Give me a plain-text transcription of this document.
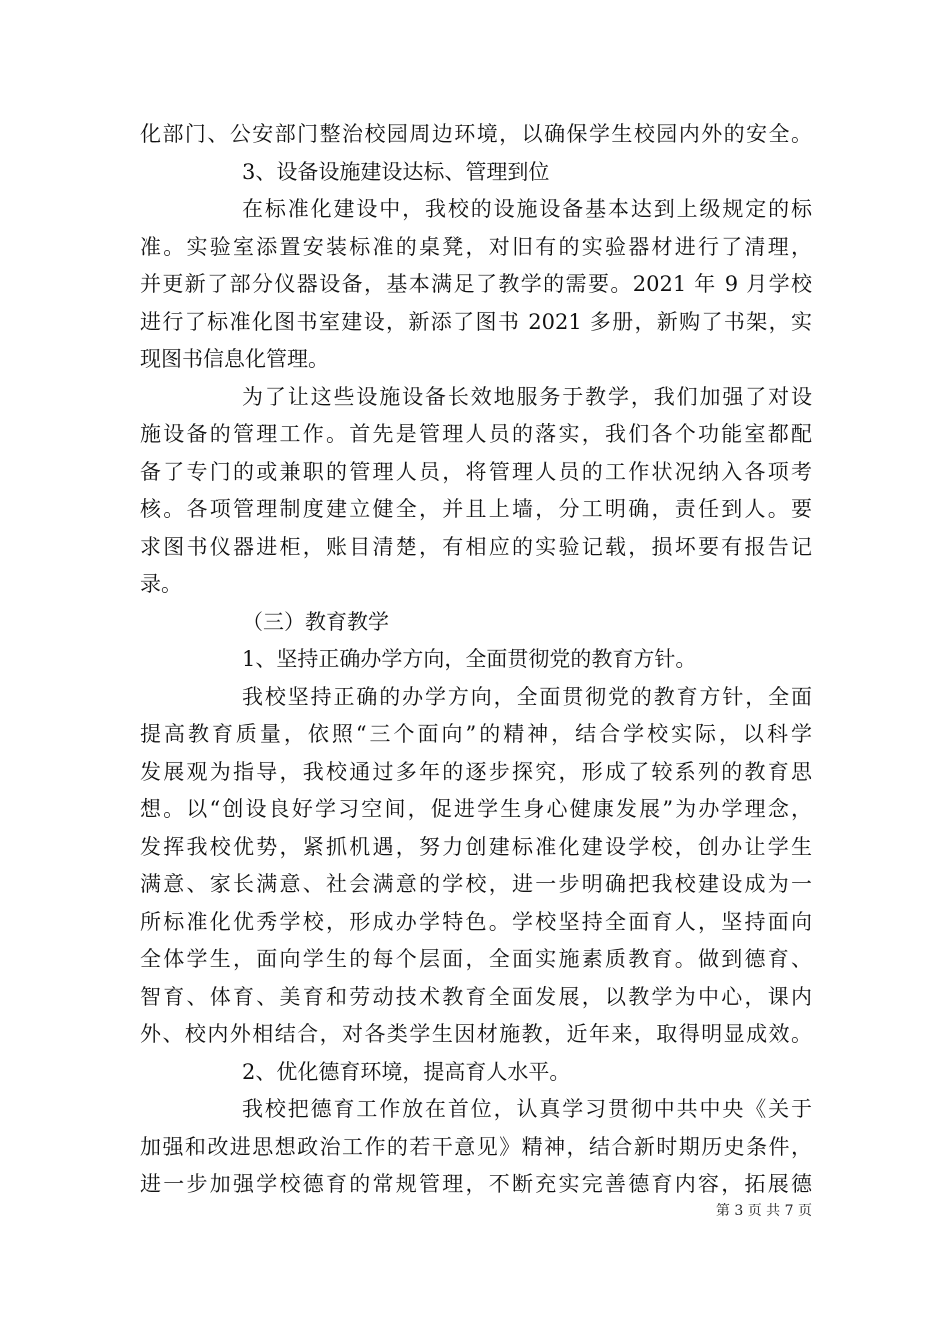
化部门、公安部门整治校园周边环境，以确保学生校园内外的安全。
3、设备设施建设达标、管理到位
在标准化建设中，我校的设施设备基本达到上级规定的标
准。实验室添置安装标准的桌凳，对旧有的实验器材进行了清理，
并更新了部分仪器设备，基本满足了教学的需要。2021 年 9 月学校
进行了标准化图书室建设，新添了图书 2021 多册，新购了书架，实
现图书信息化管理。
为了让这些设施设备长效地服务于教学，我们加强了对设
施设备的管理工作。首先是管理人员的落实，我们各个功能室都配
备了专门的或兼职的管理人员，将管理人员的工作状况纳入各项考
核。各项管理制度建立健全，并且上墙，分工明确，责任到人。要
求图书仪器进柜，账目清楚，有相应的实验记载，损坏要有报告记
录。
（三）教育教学
1、坚持正确办学方向，全面贯彻党的教育方针。
我校坚持正确的办学方向，全面贯彻党的教育方针，全面
提高教育质量，依照“三个面向”的精神，结合学校实际，以科学
发展观为指导，我校通过多年的逐步探究，形成了较系列的教育思
想。以“创设良好学习空间，促进学生身心健康发展”为办学理念，
发挥我校优势，紧抓机遇，努力创建标准化建设学校，创办让学生
满意、家长满意、社会满意的学校，进一步明确把我校建设成为一
所标准化优秀学校，形成办学特色。学校坚持全面育人，坚持面向
全体学生，面向学生的每个层面，全面实施素质教育。做到德育、
智育、体育、美育和劳动技术教育全面发展，以教学为中心，课内
外、校内外相结合，对各类学生因材施教，近年来，取得明显成效。
2、优化德育环境，提高育人水平。
我校把德育工作放在首位，认真学习贯彻中共中央《关于
加强和改进思想政治工作的若干意见》精神，结合新时期历史条件，
进一步加强学校德育的常规管理，不断充实完善德育内容，拓展德
第 3 页 共 7 页
